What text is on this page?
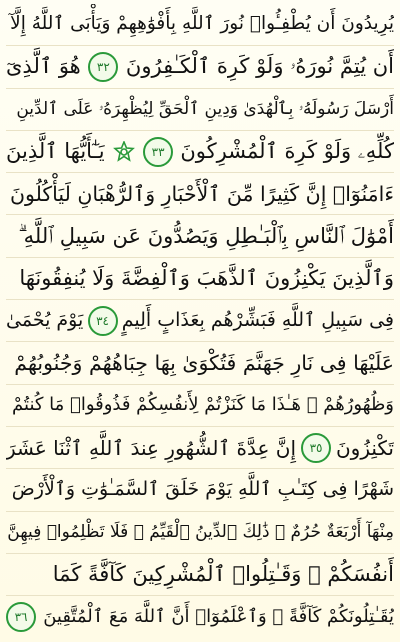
يُرِيدُونَ أَن يُطْفِـُٔوا۟ نُورَ ٱللَّهِ بِأَفْوَٰهِهِمْ وَيَأْبَى ٱللَّهُ إِلَّآ
أَن يُتِمَّ نُورَهُۥ وَلَوْ كَرِهَ ٱلْكَـٰفِرُونَ
٣٢
هُوَ ٱلَّذِىٓ
أَرْسَلَ رَسُولَهُۥ بِٱلْهُدَىٰ وَدِينِ ٱلْحَقِّ لِيُظْهِرَهُۥ عَلَى ٱلدِّينِ
كُلِّهِۦ وَلَوْ كَرِهَ ٱلْمُشْرِكُونَ
٣٣
يَـٰٓأَيُّهَا ٱلَّذِينَ
ءَامَنُوٓا۟ إِنَّ كَثِيرًا مِّنَ ٱلْأَحْبَارِ وَٱلرُّهْبَانِ لَيَأْكُلُونَ
أَمْوَٰلَ ٱلنَّاسِ بِٱلْبَـٰطِلِ وَيَصُدُّونَ عَن سَبِيلِ ٱللَّهِ ۗ
وَٱلَّذِينَ يَكْنِزُونَ ٱلذَّهَبَ وَٱلْفِضَّةَ وَلَا يُنفِقُونَهَا
فِى سَبِيلِ ٱللَّهِ فَبَشِّرْهُم بِعَذَابٍ أَلِيمٍ
٣٤
يَوْمَ يُحْمَىٰ
عَلَيْهَا فِى نَارِ جَهَنَّمَ فَتُكْوَىٰ بِهَا جِبَاهُهُمْ وَجُنُوبُهُمْ
وَظُهُورُهُمْ ۖ هَـٰذَا مَا كَنَزْتُمْ لِأَنفُسِكُمْ فَذُوقُوا۟ مَا كُنتُمْ
تَكْنِزُونَ
٣٥
إِنَّ عِدَّةَ ٱلشُّهُورِ عِندَ ٱللَّهِ ٱثْنَا عَشَرَ
شَهْرًا فِى كِتَـٰبِ ٱللَّهِ يَوْمَ خَلَقَ ٱلسَّمَـٰوَٰتِ وَٱلْأَرْضَ
مِنْهَآ أَرْبَعَةٌ حُرُمٌ ۚ ذَٰلِكَ ٱلدِّينُ ٱلْقَيِّمُ ۚ فَلَا تَظْلِمُوا۟ فِيهِنَّ
أَنفُسَكُمْ ۚ وَقَـٰتِلُوا۟ ٱلْمُشْرِكِينَ كَآفَّةً كَمَا
يُقَـٰتِلُونَكُمْ كَآفَّةً ۚ وَٱعْلَمُوٓا۟ أَنَّ ٱللَّهَ مَعَ ٱلْمُتَّقِينَ
٣٦
